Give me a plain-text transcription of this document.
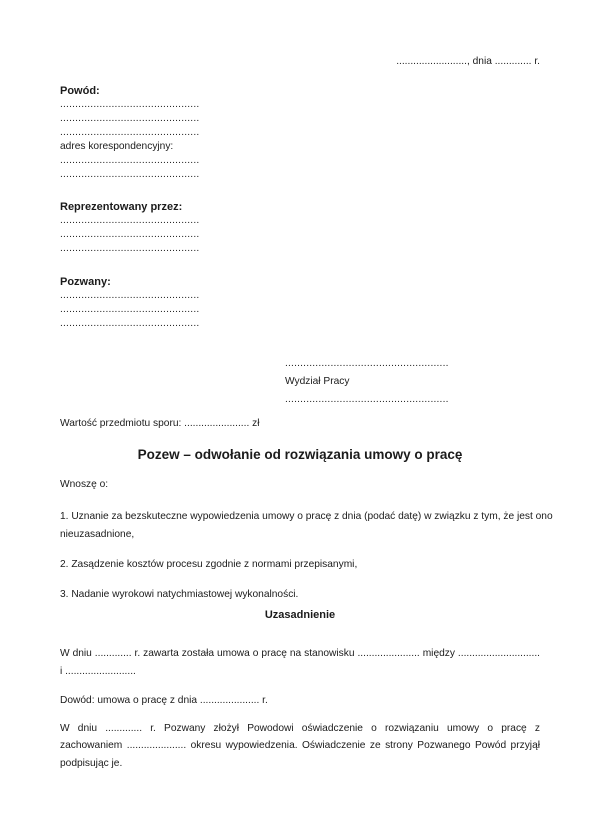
........................., dnia ............. r.
Powód:
..............................................
..............................................
..............................................
adres korespondencyjny:
..............................................
..............................................
Reprezentowany przez:
..............................................
..............................................
..............................................
Pozwany:
..............................................
..............................................
..............................................
......................................................
Wydział Pracy
......................................................
Wartość przedmiotu sporu: ....................... zł
Pozew – odwołanie od rozwiązania umowy o pracę
Wnoszę o:
1. Uznanie za bezskuteczne wypowiedzenia umowy o pracę z dnia (podać datę) w związku z tym, że jest ono
nieuzasadnione,
2. Zasądzenie kosztów procesu zgodnie z normami przepisanymi,
3. Nadanie wyrokowi natychmiastowej wykonalności.
Uzasadnienie
W dniu ............. r. zawarta została umowa o pracę na stanowisku ...................... między .............................
i .........................
Dowód: umowa o pracę z dnia ..................... r.
W dniu ............. r. Pozwany złożył Powodowi oświadczenie o rozwiązaniu umowy o pracę z
zachowaniem ..................... okresu wypowiedzenia. Oświadczenie ze strony Pozwanego Powód przyjął
podpisując je.
